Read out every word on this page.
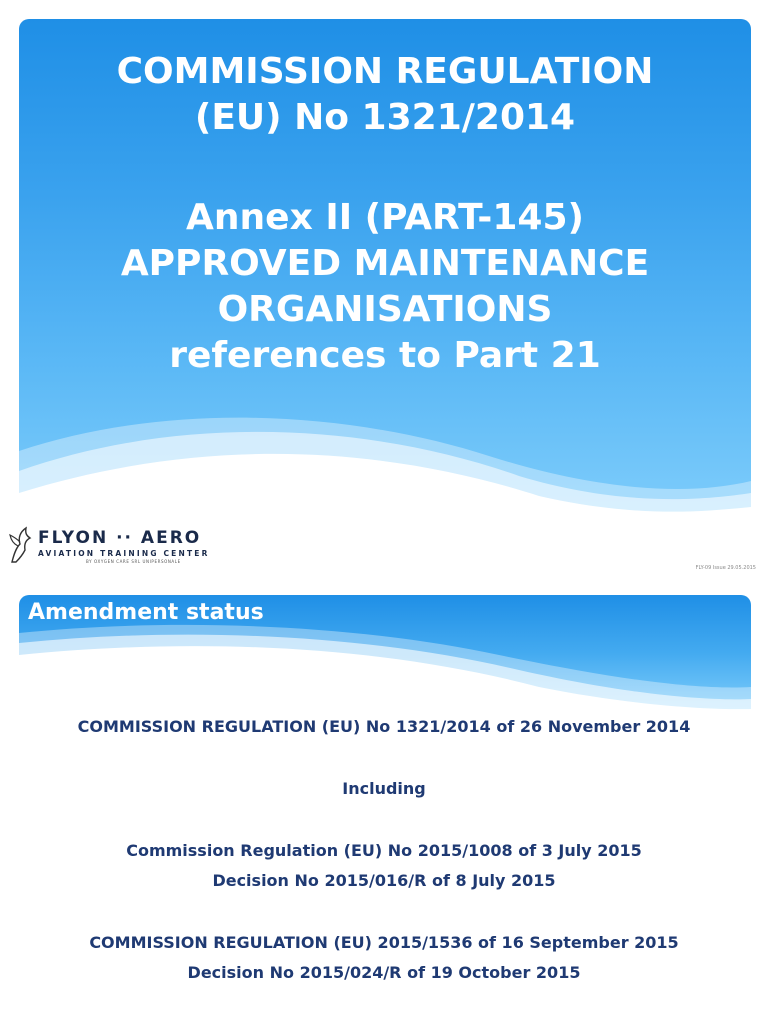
COMMISSION REGULATION
(EU) No 1321/2014
Annex II (PART-145)
APPROVED MAINTENANCE
ORGANISATIONS
references to Part 21
FLYON ·· AERO
AVIATION TRAINING CENTER
BY OXYGEN CARE SRL UNIPERSONALE
FLY-09 Issue 29.05.2015
Amendment status
COMMISSION REGULATION (EU) No 1321/2014 of 26 November 2014
Including
Commission Regulation (EU) No 2015/1008 of 3 July 2015
Decision No 2015/016/R of 8 July 2015
COMMISSION REGULATION (EU) 2015/1536 of 16 September 2015
Decision No 2015/024/R of 19 October 2015
